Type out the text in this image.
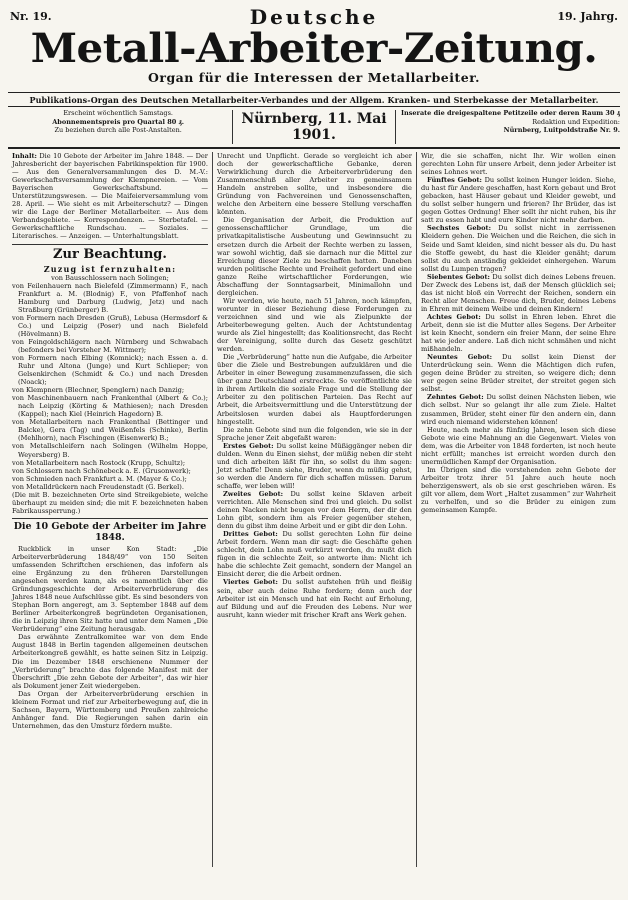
Nr. 19.	19. Jahrg.
Deutsche
Metall-Arbeiter-Zeitung.
Organ für die Interessen der Metallarbeiter.
Publikations-Organ des Deutschen Metallarbeiter-Verbandes und der Allgem. Kranken- und Sterbekasse der Metallarbeiter.
Erscheint wöchentlich Samstags.
Abonnementspreis pro Quartal 80 ₰.
Zu beziehen durch alle Post-Anstalten.
Nürnberg, 11. Mai 1901.
Inserate die dreigespaltene Petitzeile oder deren Raum 30 ₰
Redaktion und Expedition:
Nürnberg, Luitpoldstraße Nr. 9.

Inhalt: Die 10 Gebote der Arbeiter im Jahre 1848. — Der Jahresbericht der bayerischen Fabrikinspektion für 1900. — Aus den Generalversammlungen des D. M.-V.: Gewerkschaftsversammlung der Klempnereien. — Vom Bayerischen Gewerkschaftsbund. — Unterstützungswesen. — Die Maifeierversammlung vom 28. April. — Wie sieht es mit Arbeiterschutz? — Dingen wir die Lage der Berliner Metallarbeiter. — Aus dem Verbandsgebiete. — Korrespondenzen. — Sterbetafel. — Gewerkschaftliche Rundschau. — Soziales. — Literarisches. — Anzeigen. — Unterhaltungsblatt.

Zur Beachtung.
Zuzug ist fernzuhalten:
von Bausschlossern nach Solingen;
von Feilenhauern nach Bielefeld (Zimmermann) F., nach Frankfurt a. M. (Blodnig) F., von Pfaffenhof nach Hamburg und Darburg (Ludwig, Jetz) und nach Straßburg (Grünberger) B.
von Formern nach Dresden (Gruß), Lebusa (Hermsdorf & Co.) und Leipzig (Poser) und nach Bielefeld (Hövelmann) B.
von Feingoldschlägern nach Nürnberg und Schwabach (befonders bei Vorsteher M. Wittmer);
von Formern nach Elbing (Komnick); nach Essen a. d. Ruhr und Altona (Junge) und Kurt Schlieper; von Gelsenkirchen (Schmidt & Co.) und nach Dresden (Noack);
von Klempnern (Blechner, Spenglern) nach Danzig;
von Maschinenbauern nach Frankenthal (Albert & Co.); nach Leipzig (Körting & Mathiesen); nach Dresden (Kappel); nach Kiel (Heinrich Hagedorn) B.
von Metallarbeitern nach Frankenthal (Bettinger und Balcke), Gera (Tag) und Weißenfels (Schinke), Berlin (Mehlhorn), nach Fischingen (Eisenwerk) B.;
von Metallschleifern nach Solingen (Wilhelm Hoppe, Weyersberg) B.
von Metallarbeitern nach Rostock (Krupp, Schultz);
von Schlossern nach Schönebeck a. E. (Grusonwerk);
von Schmieden nach Frankfurt a. M. (Mayer & Co.);
von Metalldrückern nach Freudenstadt (G. Berkel).

(Die mit B. bezeichneten Orte sind Streikgebiete, welche überhaupt zu meiden sind; die mit F. bezeichneten haben Fabrikaussperrung.)

Die 10 Gebote der Arbeiter im Jahre 1848.

Ruckblick in unser Kon Stadt: „Die Arbeiterverbrüderung 1848/49“ von 150 Seiten umfassenden Schriftchen erschienen, das infofern als eine Ergänzung zu den früheren Darstellungen angesehen werden kann, als es namentlich über die Gründungsgeschichte der Arbeiterverbrüderung des Jahres 1848 neue Aufschlüsse gibt. Es sind besonders von Stephan Born angeregt, am 3. September 1848 auf dem Berliner Arbeiterkongreß begründeten Organisationen, die in Leipzig ihren Sitz hatte und unter dem Namen „Die Verbrüderung“ eine Zeitung herausgab.

Das erwähnte Zentralkomitee war von dem Ende August 1848 in Berlin tagenden allgemeinen deutschen Arbeiterkongreß gewählt, es hatte seinen Sitz in Leipzig. Die im Dezember 1848 erschienene Nummer der „Verbrüderung“ brachte das folgende Manifest mit der Überschrift „Die zehn Gebote der Arbeiter“, das wir hier als Dokument jener Zeit wiedergeben.

Das Organ der Arbeiterverbrüderung erschien in kleinem Format und rief zur Arbeiterbewegung auf, die in Sachsen, Bayern, Württemberg und Preußen zahlreiche Anhänger fand. Die Regierungen sahen darin ein Unternehmen, das den Umsturz fördern mußte.

Unrecht und Unpflicht. Gerade so vergleicht ich aber doch der gewerkschaftliche Gebanke, deren Verwirklichung durch die Arbeiterverbrüderung den Zusammenschluß aller Arbeiter zu gemeinsamem Handeln anstreben sollte, und insbesondere die Gründung von Fachvereinen und Genossenschaften, welche den Arbeitern eine bessere Stellung verschaffen könnten.

Die Organisation der Arbeit, die Produktion auf genossenschaftlicher Grundlage, um die privatkapitalistische Ausbeutung und Gewinnsucht zu ersetzen durch die Arbeit der Rechte werben zu lassen, war sowohl wichtig, daß sie darnach nur die Mittel zur Erreichung dieser Ziele zu beschaffen hatten. Daneben wurden politische Rechte und Freiheit gefordert und eine ganze Reihe wirtschaftlicher Forderungen, wie Abschaffung der Sonntagsarbeit, Minimallohn und dergleichen.

Wir werden, wie heute, nach 51 Jahren, noch kämpfen, worunter in dieser Beziehung diese Forderungen zu verzeichnen sind und wie als Zielpunkte der Arbeiterbewegung gelten. Auch der Achtstundentag wurde als Ziel hingestellt; das Koalitionsrecht, das Recht der Vereinigung, sollte durch das Gesetz geschützt werden.

Die „Verbrüderung“ hatte nun die Aufgabe, die Arbeiter über die Ziele und Bestrebungen aufzuklären und die Arbeiter in einer Bewegung zusammenzufassen, die sich über ganz Deutschland erstreckte. So veröffentlichte sie in ihrem Artikeln die soziale Frage und die Stellung der Arbeiter zu den politischen Parteien. Das Recht auf Arbeit, die Arbeitsvermittlung und die Unterstützung der Arbeitslosen wurden dabei als Hauptforderungen hingestellt.

Die zehn Gebote sind nun die folgenden, wie sie in der Sprache jener Zeit abgefaßt waren:

Erstes Gebot: Du sollst keine Müßiggänger neben dir dulden. Wenn du Einen siehst, der müßig neben dir steht und dich arbeiten läßt für ihn, so sollst du ihm sagen: Jetzt schaffe! Denn siehe, Bruder, wenn du müßig gehst, so werden die Andern für dich schaffen müssen. Darum schaffe, wer leben will!

Zweites Gebot: Du sollst keine Sklaven arbeit verrichten. Alle Menschen sind frei und gleich. Du sollst deinen Nacken nicht beugen vor dem Herrn, der dir den Lohn gibt, sondern ihm als Freier gegenüber stehen, denn du gibst ihm deine Arbeit und er gibt dir den Lohn.

Drittes Gebot: Du sollst gerechten Lohn für deine Arbeit fordern. Wenn man dir sagt: die Geschäfte gehen schlecht, dein Lohn muß verkürzt werden, du mußt dich fügen in die schlechte Zeit, so antworte ihm: Nicht ich habe die schlechte Zeit gemacht, sondern der Mangel an Einsicht derer, die die Arbeit ordnen.

Viertes Gebot: Du sollst aufstehen früh und fleißig sein, aber auch deine Ruhe fordern; denn auch der Arbeiter ist ein Mensch und hat ein Recht auf Erholung, auf Bildung und auf die Freuden des Lebens. Nur wer ausruht, kann wieder mit frischer Kraft ans Werk gehen.

Wir, die sie schaffen, nicht Ihr. Wir wollen einen gerechten Lohn für unsere Arbeit, denn jeder Arbeiter ist seines Lohnes wert.

Fünftes Gebot: Du sollst keinen Hunger leiden. Siehe, du hast für Andere geschaffen, hast Korn gebaut und Brot gebacken, hast Häuser gebaut und Kleider gewebt, und du sollst selber hungern und frieren? Ihr Brüder, das ist gegen Gottes Ordnung! Eher sollt ihr nicht ruhen, bis ihr satt zu essen habt und eure Kinder nicht mehr darben.

Sechstes Gebot: Du sollst nicht in zerrissenen Kleidern gehen. Die Weichen und die Reichen, die sich in Seide und Samt kleiden, sind nicht besser als du. Du hast die Stoffe gewebt, du hast die Kleider genäht; darum sollst du auch anständig gekleidet einhergehen. Warum sollst du Lumpen tragen?

Siebentes Gebot: Du sollst dich deines Lebens freuen. Der Zweck des Lebens ist, daß der Mensch glücklich sei; das ist nicht bloß ein Vorrecht der Reichen, sondern ein Recht aller Menschen. Freue dich, Bruder, deines Lebens in Ehren mit deinem Weibe und deinen Kindern!

Achtes Gebot: Du sollst in Ehren leben. Ehret die Arbeit, denn sie ist die Mutter alles Segens. Der Arbeiter ist kein Knecht, sondern ein freier Mann, der seine Ehre hat wie jeder andere. Laß dich nicht schmähen und nicht mißhandeln.

Neuntes Gebot: Du sollst kein Dienst der Unterdrückung sein. Wenn die Mächtigen dich rufen, gegen deine Brüder zu streiten, so weigere dich; denn wer gegen seine Brüder streitet, der streitet gegen sich selbst.

Zehntes Gebot: Du sollst deinen Nächsten lieben, wie dich selbst. Nur so gelangt ihr alle zum Ziele. Haltet zusammen, Brüder, steht einer für den andern ein, dann wird euch niemand widerstehen können!

Heute, nach mehr als fünfzig Jahren, lesen sich diese Gebote wie eine Mahnung an die Gegenwart. Vieles von dem, was die Arbeiter von 1848 forderten, ist noch heute nicht erfüllt; manches ist erreicht worden durch den unermüdlichen Kampf der Organisation.

Im Übrigen sind die vorstehenden zehn Gebote der Arbeiter trotz ihrer 51 Jahre auch heute noch beherzigenswert, als ob sie erst geschrieben wären. Es gilt vor allem, dem Wort „Haltet zusammen“ zur Wahrheit zu verhelfen, und so die Brüder zu einigen zum gemeinsamen Kampfe.
